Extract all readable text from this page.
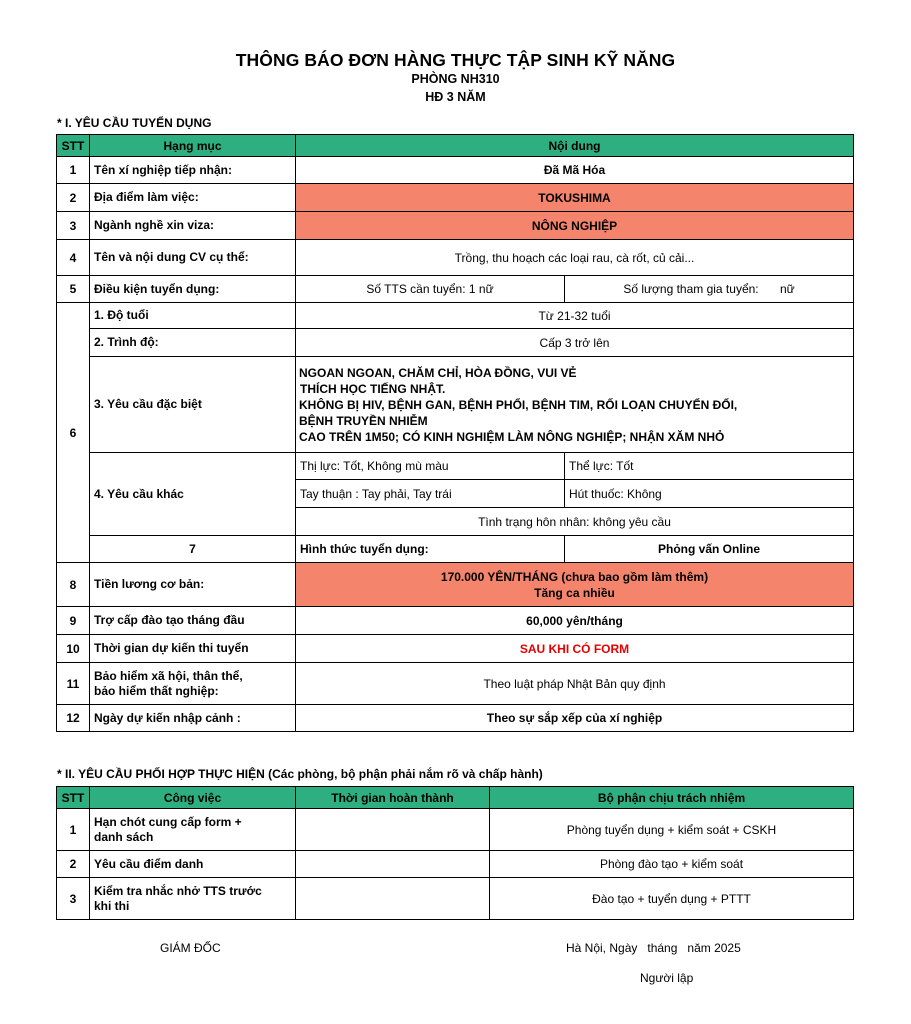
THÔNG BÁO ĐƠN HÀNG THỰC TẬP SINH KỸ NĂNG
PHÒNG NH310
HĐ 3 NĂM
* I. YÊU CẦU TUYỂN DỤNG
STT	Hạng mục	Nội dung	
1	Tên xí nghiệp tiếp nhận:	Đã Mã Hóa	
2	Địa điểm làm việc:	TOKUSHIMA	
3	Ngành nghề xin viza:	NÔNG NGHIỆP	
4	Tên và nội dung CV cụ thể:	Trồng, thu hoạch các loại rau, cà rốt, củ cải...	
5	Điều kiện tuyển dụng:	Số TTS cần tuyển: 1 nữ	Số lượng tham gia tuyển: nữ
6	1. Độ tuổi	Từ 21-32 tuổi	
	2. Trình độ:	Cấp 3 trở lên	
	3. Yêu cầu đặc biệt	NGOAN NGOAN, CHĂM CHỈ, HÒA ĐỒNG, VUI VẺ
THÍCH HỌC TIẾNG NHẬT.
KHÔNG BỊ HIV, BỆNH GAN, BỆNH PHỔI, BỆNH TIM, RỐI LOẠN CHUYỂN ĐỔI,
BỆNH TRUYỀN NHIỄM
CAO TRÊN 1M50; CÓ KINH NGHIỆM LÀM NÔNG NGHIỆP; NHẬN XĂM NHỎ	

	4. Yêu cầu khác	Thị lực: Tốt, Không mù màu	Thể lực: Tốt
		Tay thuận : Tay phải, Tay trái	Hút thuốc: Không
		Tình trạng hôn nhân: không yêu cầu	
	7	Hình thức tuyển dụng:	Phỏng vấn Online
8	Tiền lương cơ bản:	170.000 YÊN/THÁNG (chưa bao gồm làm thêm)
Tăng ca nhiều	

9	Trợ cấp đào tạo tháng đầu	60,000 yên/tháng	
10	Thời gian dự kiến thi tuyển	SAU KHI CÓ FORM	
11	Bảo hiểm xã hội, thân thể,
bảo hiểm thất nghiệp:	Theo luật pháp Nhật Bản quy định	
12	Ngày dự kiến nhập cảnh :	Theo sự sắp xếp của xí nghiệp	
* II. YÊU CẦU PHỐI HỢP THỰC HIỆN (Các phòng, bộ phận phải nắm rõ và chấp hành)
STT	Công việc	Thời gian hoàn thành	Bộ phận chịu trách nhiệm
1	Hạn chót cung cấp form +
danh sách		Phòng tuyển dụng + kiểm soát + CSKH
2	Yêu cầu điểm danh		Phòng đào tạo + kiểm soát
3	Kiểm tra nhắc nhở TTS trước
khi thi		Đào tạo + tuyển dụng + PTTT
GIÁM ĐỐC	Hà Nội, Ngày   tháng   năm 2025
Người lập
